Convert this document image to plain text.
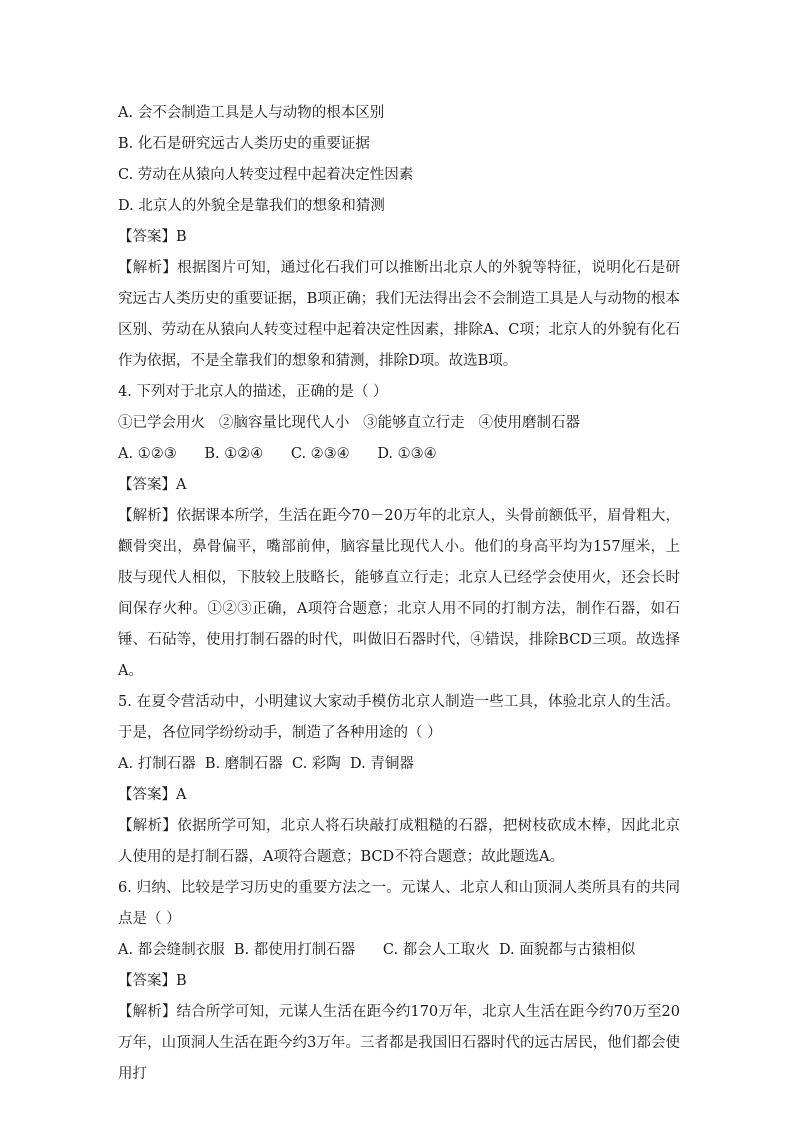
A. 会不会制造工具是人与动物的根本区别

B. 化石是研究远古人类历史的重要证据

C. 劳动在从猿向人转变过程中起着决定性因素

D. 北京人的外貌全是靠我们的想象和猜测

【答案】B

【解析】根据图片可知，通过化石我们可以推断出北京人的外貌等特征，说明化石是研究远古人类历史的重要证据，B项正确；我们无法得出会不会制造工具是人与动物的根本区别、劳动在从猿向人转变过程中起着决定性因素，排除A、C项；北京人的外貌有化石作为依据，不是全靠我们的想象和猜测，排除D项。故选B项。

4. 下列对于北京人的描述，正确的是（ ）

①已学会用火   ②脑容量比现代人小   ③能够直立行走   ④使用磨制石器

A. ①②③      B. ①②④      C. ②③④      D. ①③④

【答案】A

【解析】依据课本所学，生活在距今70－20万年的北京人，头骨前额低平，眉骨粗大，颧骨突出，鼻骨偏平，嘴部前伸，脑容量比现代人小。他们的身高平均为157厘米，上肢与现代人相似，下肢较上肢略长，能够直立行走；北京人已经学会使用火，还会长时间保存火种。①②③正确，A项符合题意；北京人用不同的打制方法，制作石器，如石锤、石砧等，使用打制石器的时代，叫做旧石器时代，④错误，排除BCD三项。故选择A。

5. 在夏令营活动中，小明建议大家动手模仿北京人制造一些工具，体验北京人的生活。于是，各位同学纷纷动手，制造了各种用途的（ ）

A. 打制石器  B. 磨制石器  C. 彩陶  D. 青铜器

【答案】A

【解析】依据所学可知，北京人将石块敲打成粗糙的石器，把树枝砍成木棒，因此北京人使用的是打制石器，A项符合题意；BCD不符合题意；故此题选A。

6. 归纳、比较是学习历史的重要方法之一。元谋人、北京人和山顶洞人类所具有的共同点是（ ）

A. 都会缝制衣服  B. 都使用打制石器      C. 都会人工取火  D. 面貌都与古猿相似

【答案】B

【解析】结合所学可知，元谋人生活在距今约170万年，北京人生活在距今约70万至20万年，山顶洞人生活在距今约3万年。三者都是我国旧石器时代的远古居民，他们都会使用打
